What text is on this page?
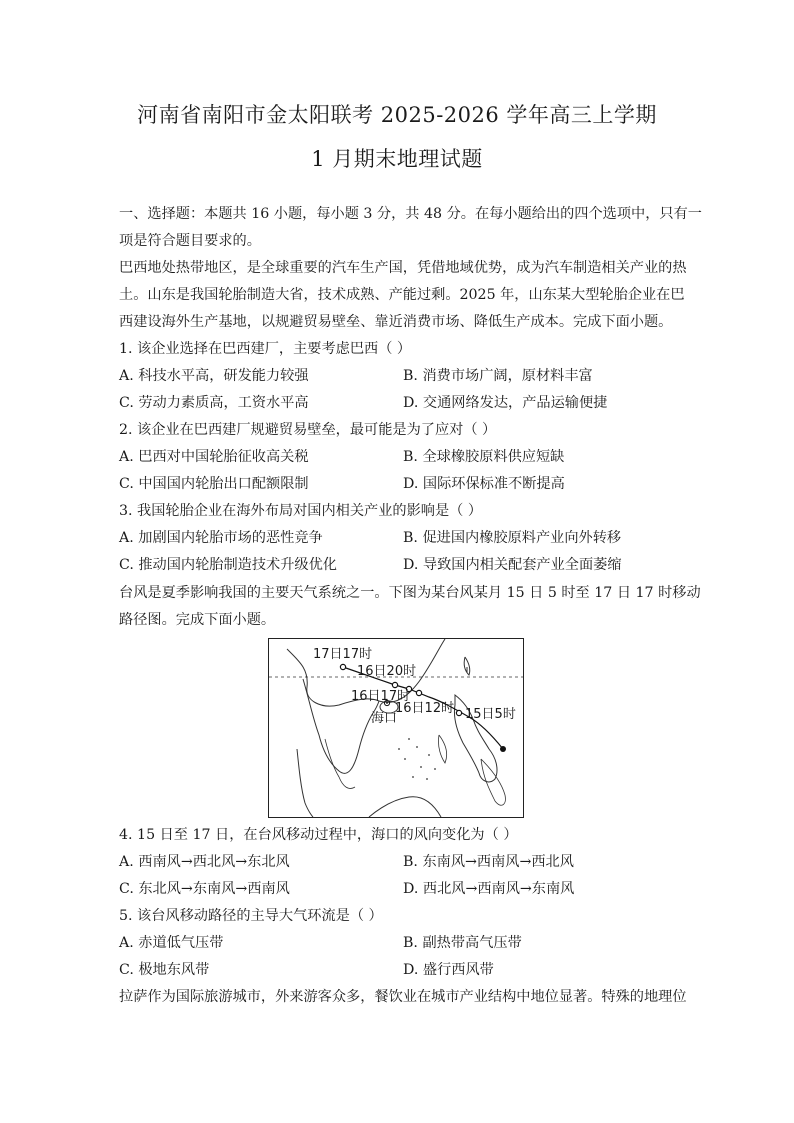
河南省南阳市金太阳联考 2025-2026 学年高三上学期
1 月期末地理试题
一、选择题：本题共 16 小题，每小题 3 分，共 48 分。在每小题给出的四个选项中，只有一
项是符合题目要求的。
巴西地处热带地区，是全球重要的汽车生产国，凭借地域优势，成为汽车制造相关产业的热
土。山东是我国轮胎制造大省，技术成熟、产能过剩。2025 年，山东某大型轮胎企业在巴
西建设海外生产基地，以规避贸易壁垒、靠近消费市场、降低生产成本。完成下面小题。
1. 该企业选择在巴西建厂，主要考虑巴西（ ）
A. 科技水平高，研发能力较强	B. 消费市场广阔，原材料丰富
C. 劳动力素质高，工资水平高	D. 交通网络发达，产品运输便捷
2. 该企业在巴西建厂规避贸易壁垒，最可能是为了应对（ ）
A. 巴西对中国轮胎征收高关税	B. 全球橡胶原料供应短缺
C. 中国国内轮胎出口配额限制	D. 国际环保标准不断提高
3. 我国轮胎企业在海外布局对国内相关产业的影响是（ ）
A. 加剧国内轮胎市场的恶性竞争	B. 促进国内橡胶原料产业向外转移
C. 推动国内轮胎制造技术升级优化	D. 导致国内相关配套产业全面萎缩
台风是夏季影响我国的主要天气系统之一。下图为某台风某月 15 日 5 时至 17 日 17 时移动
路径图。完成下面小题。
17日17时
16日20时
16日17时
16日12时 15日5时
海口
4. 15 日至 17 日，在台风移动过程中，海口的风向变化为（ ）
A. 西南风→西北风→东北风	B. 东南风→西南风→西北风
C. 东北风→东南风→西南风	D. 西北风→西南风→东南风
5. 该台风移动路径的主导大气环流是（ ）
A. 赤道低气压带	B. 副热带高气压带
C. 极地东风带	D. 盛行西风带
拉萨作为国际旅游城市，外来游客众多，餐饮业在城市产业结构中地位显著。特殊的地理位
